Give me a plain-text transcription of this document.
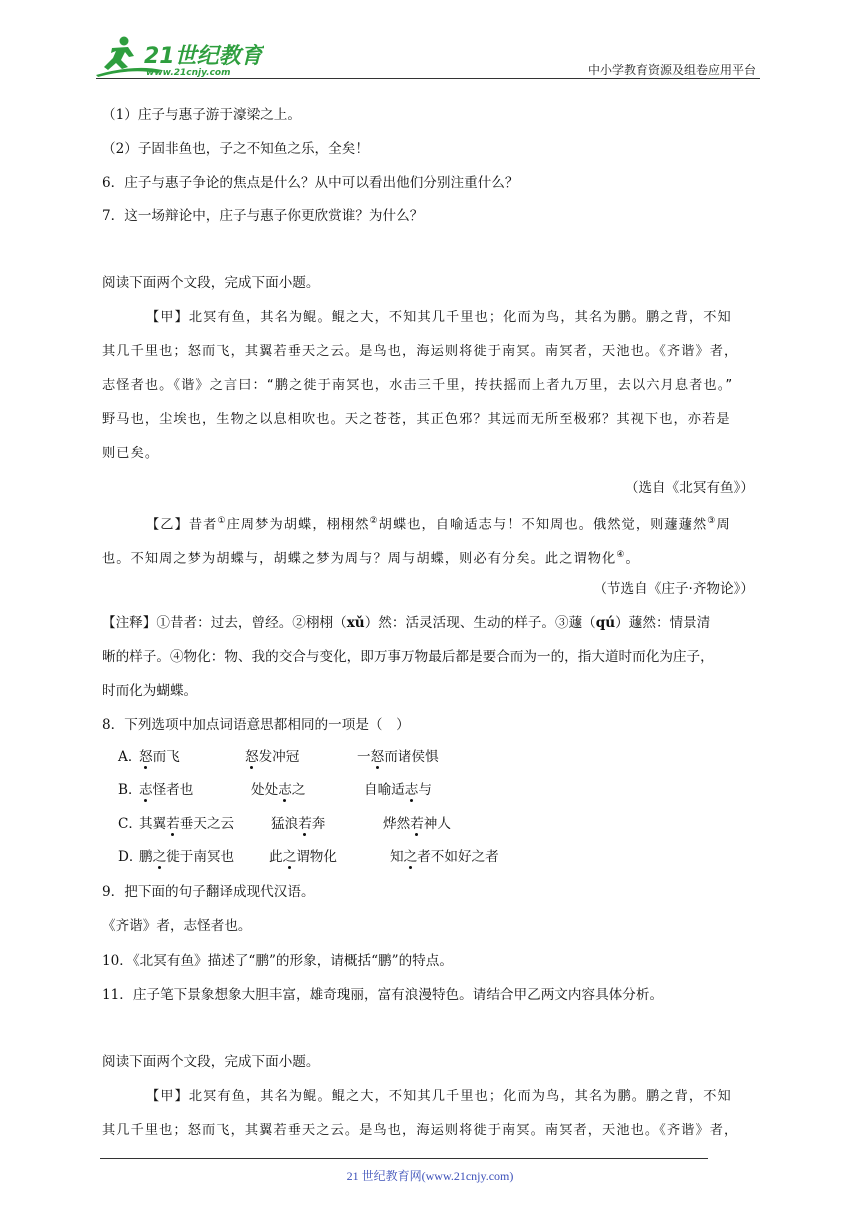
21世纪教育
www.21cnjy.com	中小学教育资源及组卷应用平台
（1）庄子与惠子游于濠梁之上。
（2）子固非鱼也，子之不知鱼之乐，全矣！
6．庄子与惠子争论的焦点是什么？从中可以看出他们分别注重什么？
7．这一场辩论中，庄子与惠子你更欣赏谁？为什么？
阅读下面两个文段，完成下面小题。
【甲】北冥有鱼，其名为鲲。鲲之大，不知其几千里也；化而为鸟，其名为鹏。鹏之背，不知
其几千里也；怒而飞，其翼若垂天之云。是鸟也，海运则将徙于南冥。南冥者，天池也。《齐谐》者，
志怪者也。《谐》之言曰：“鹏之徙于南冥也，水击三千里，抟扶摇而上者九万里，去以六月息者也。”
野马也，尘埃也，生物之以息相吹也。天之苍苍，其正色邪？其远而无所至极邪？其视下也，亦若是
则已矣。
（选自《北冥有鱼》）
【乙】昔者①庄周梦为胡蝶，栩栩然②胡蝶也，自喻适志与！不知周也。俄然觉，则蘧蘧然③周
也。不知周之梦为胡蝶与，胡蝶之梦为周与？周与胡蝶，则必有分矣。此之谓物化④。
（节选自《庄子·齐物论》）
【注释】①昔者：过去，曾经。②栩栩（xǔ）然：活灵活现、生动的样子。③蘧（qú）蘧然：情景清
晰的样子。④物化：物、我的交合与变化，即万事万物最后都是要合而为一的，指大道时而化为庄子，
时而化为蝴蝶。
8．下列选项中加点词语意思都相同的一项是（　）
A．
怒而飞	怒发冲冠	一怒而诸侯惧
B．
志怪者也	处处志之	自喻适志与
C．
其翼若垂天之云	猛浪若奔	烨然若神人
D．
鹏之徙于南冥也	此之谓物化	知之者不如好之者
9．把下面的句子翻译成现代汉语。
《齐谐》者，志怪者也。
10．《北冥有鱼》描述了“鹏”的形象，请概括“鹏”的特点。
11．庄子笔下景象想象大胆丰富，雄奇瑰丽，富有浪漫特色。请结合甲乙两文内容具体分析。
阅读下面两个文段，完成下面小题。
【甲】北冥有鱼，其名为鲲。鲲之大，不知其几千里也；化而为鸟，其名为鹏。鹏之背，不知
其几千里也；怒而飞，其翼若垂天之云。是鸟也，海运则将徙于南冥。南冥者，天池也。《齐谐》者，
21 世纪教育网(www.21cnjy.com)
